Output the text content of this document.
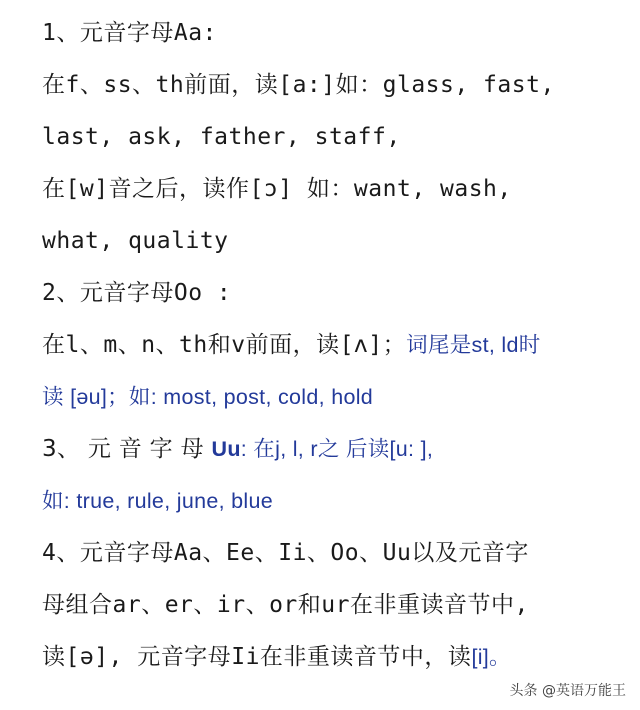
1、元音字母Aa:
在f、ss、th前面，读[a:]如：glass, fast,
last, ask, father, staff,
在[w]音之后，读作[ɔ] 如：want, wash,
what, quality
2、元音字母Oo :
在l、m、n、th和v前面，读[ʌ]；词尾是st, ld时
读 [əu]；如: most, post, cold, hold
3、 元 音 字 母 Uu: 在j, l, r之 后读[u: ],
如: true, rule, june, blue
4、元音字母Aa、Ee、Ii、Oo、Uu以及元音字
母组合ar、er、ir、or和ur在非重读音节中,
读[ə], 元音字母Ii在非重读音节中，读[i]。
头条 @英语万能王
